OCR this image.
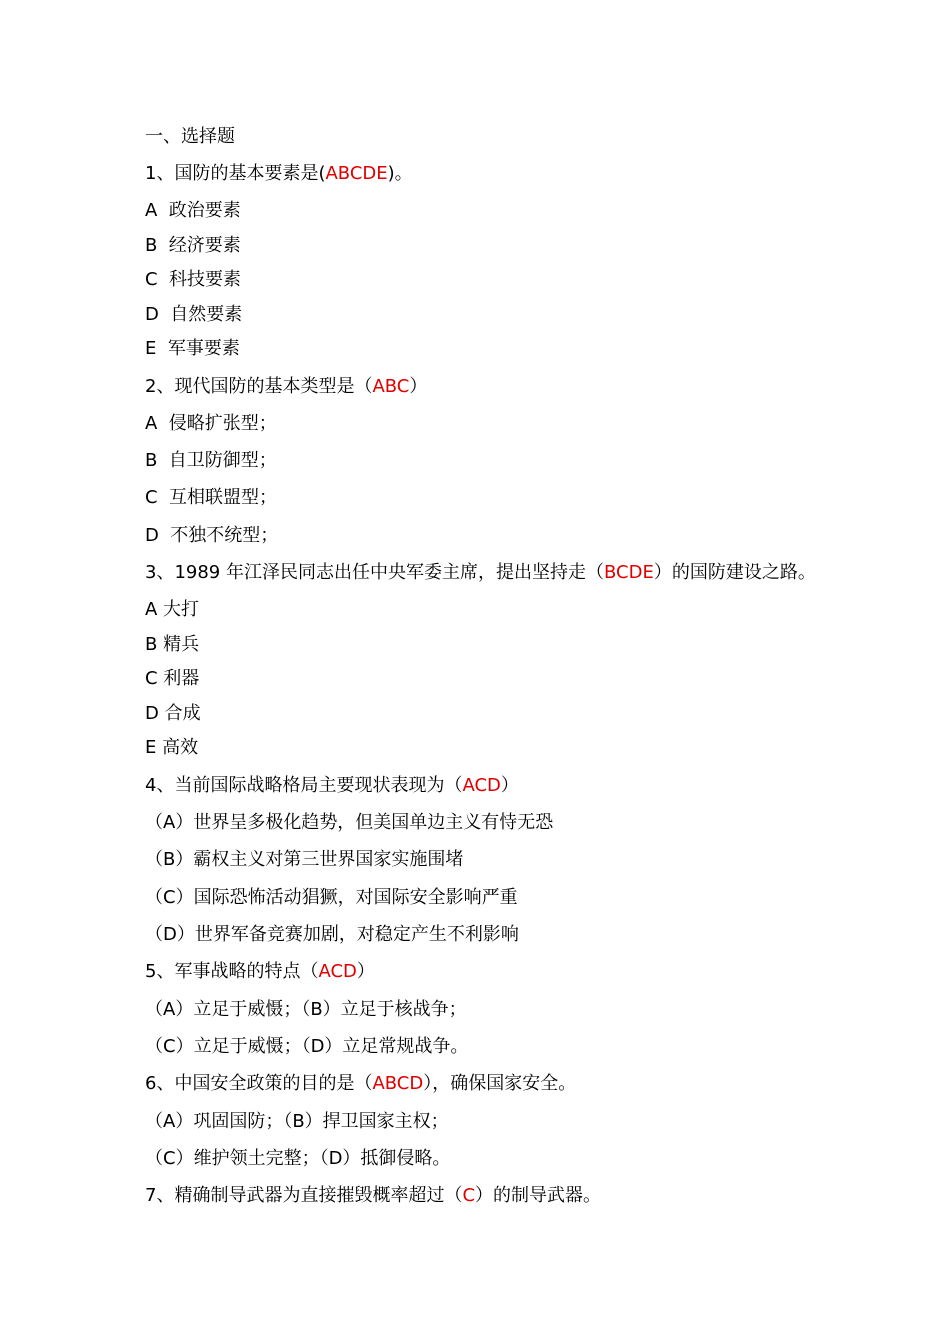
一、选择题
1、国防的基本要素是(ABCDE)。
A  政治要素
B  经济要素
C  科技要素
D  自然要素
E  军事要素
2、现代国防的基本类型是（ABC）
A  侵略扩张型；
B  自卫防御型；
C  互相联盟型；
D  不独不统型；
3、1989 年江泽民同志出任中央军委主席，提出坚持走（BCDE）的国防建设之路。
A 大打
B 精兵
C 利器
D 合成
E 高效
4、当前国际战略格局主要现状表现为（ACD）
（A）世界呈多极化趋势，但美国单边主义有恃无恐
（B）霸权主义对第三世界国家实施围堵
（C）国际恐怖活动猖獗，对国际安全影响严重
（D）世界军备竞赛加剧，对稳定产生不利影响
5、军事战略的特点（ACD）
（A）立足于威慑；（B）立足于核战争；
（C）立足于威慑；（D）立足常规战争。
6、中国安全政策的目的是（ABCD），确保国家安全。
（A）巩固国防；（B）捍卫国家主权；
（C）维护领土完整；（D）抵御侵略。
7、精确制导武器为直接摧毁概率超过（C）的制导武器。
